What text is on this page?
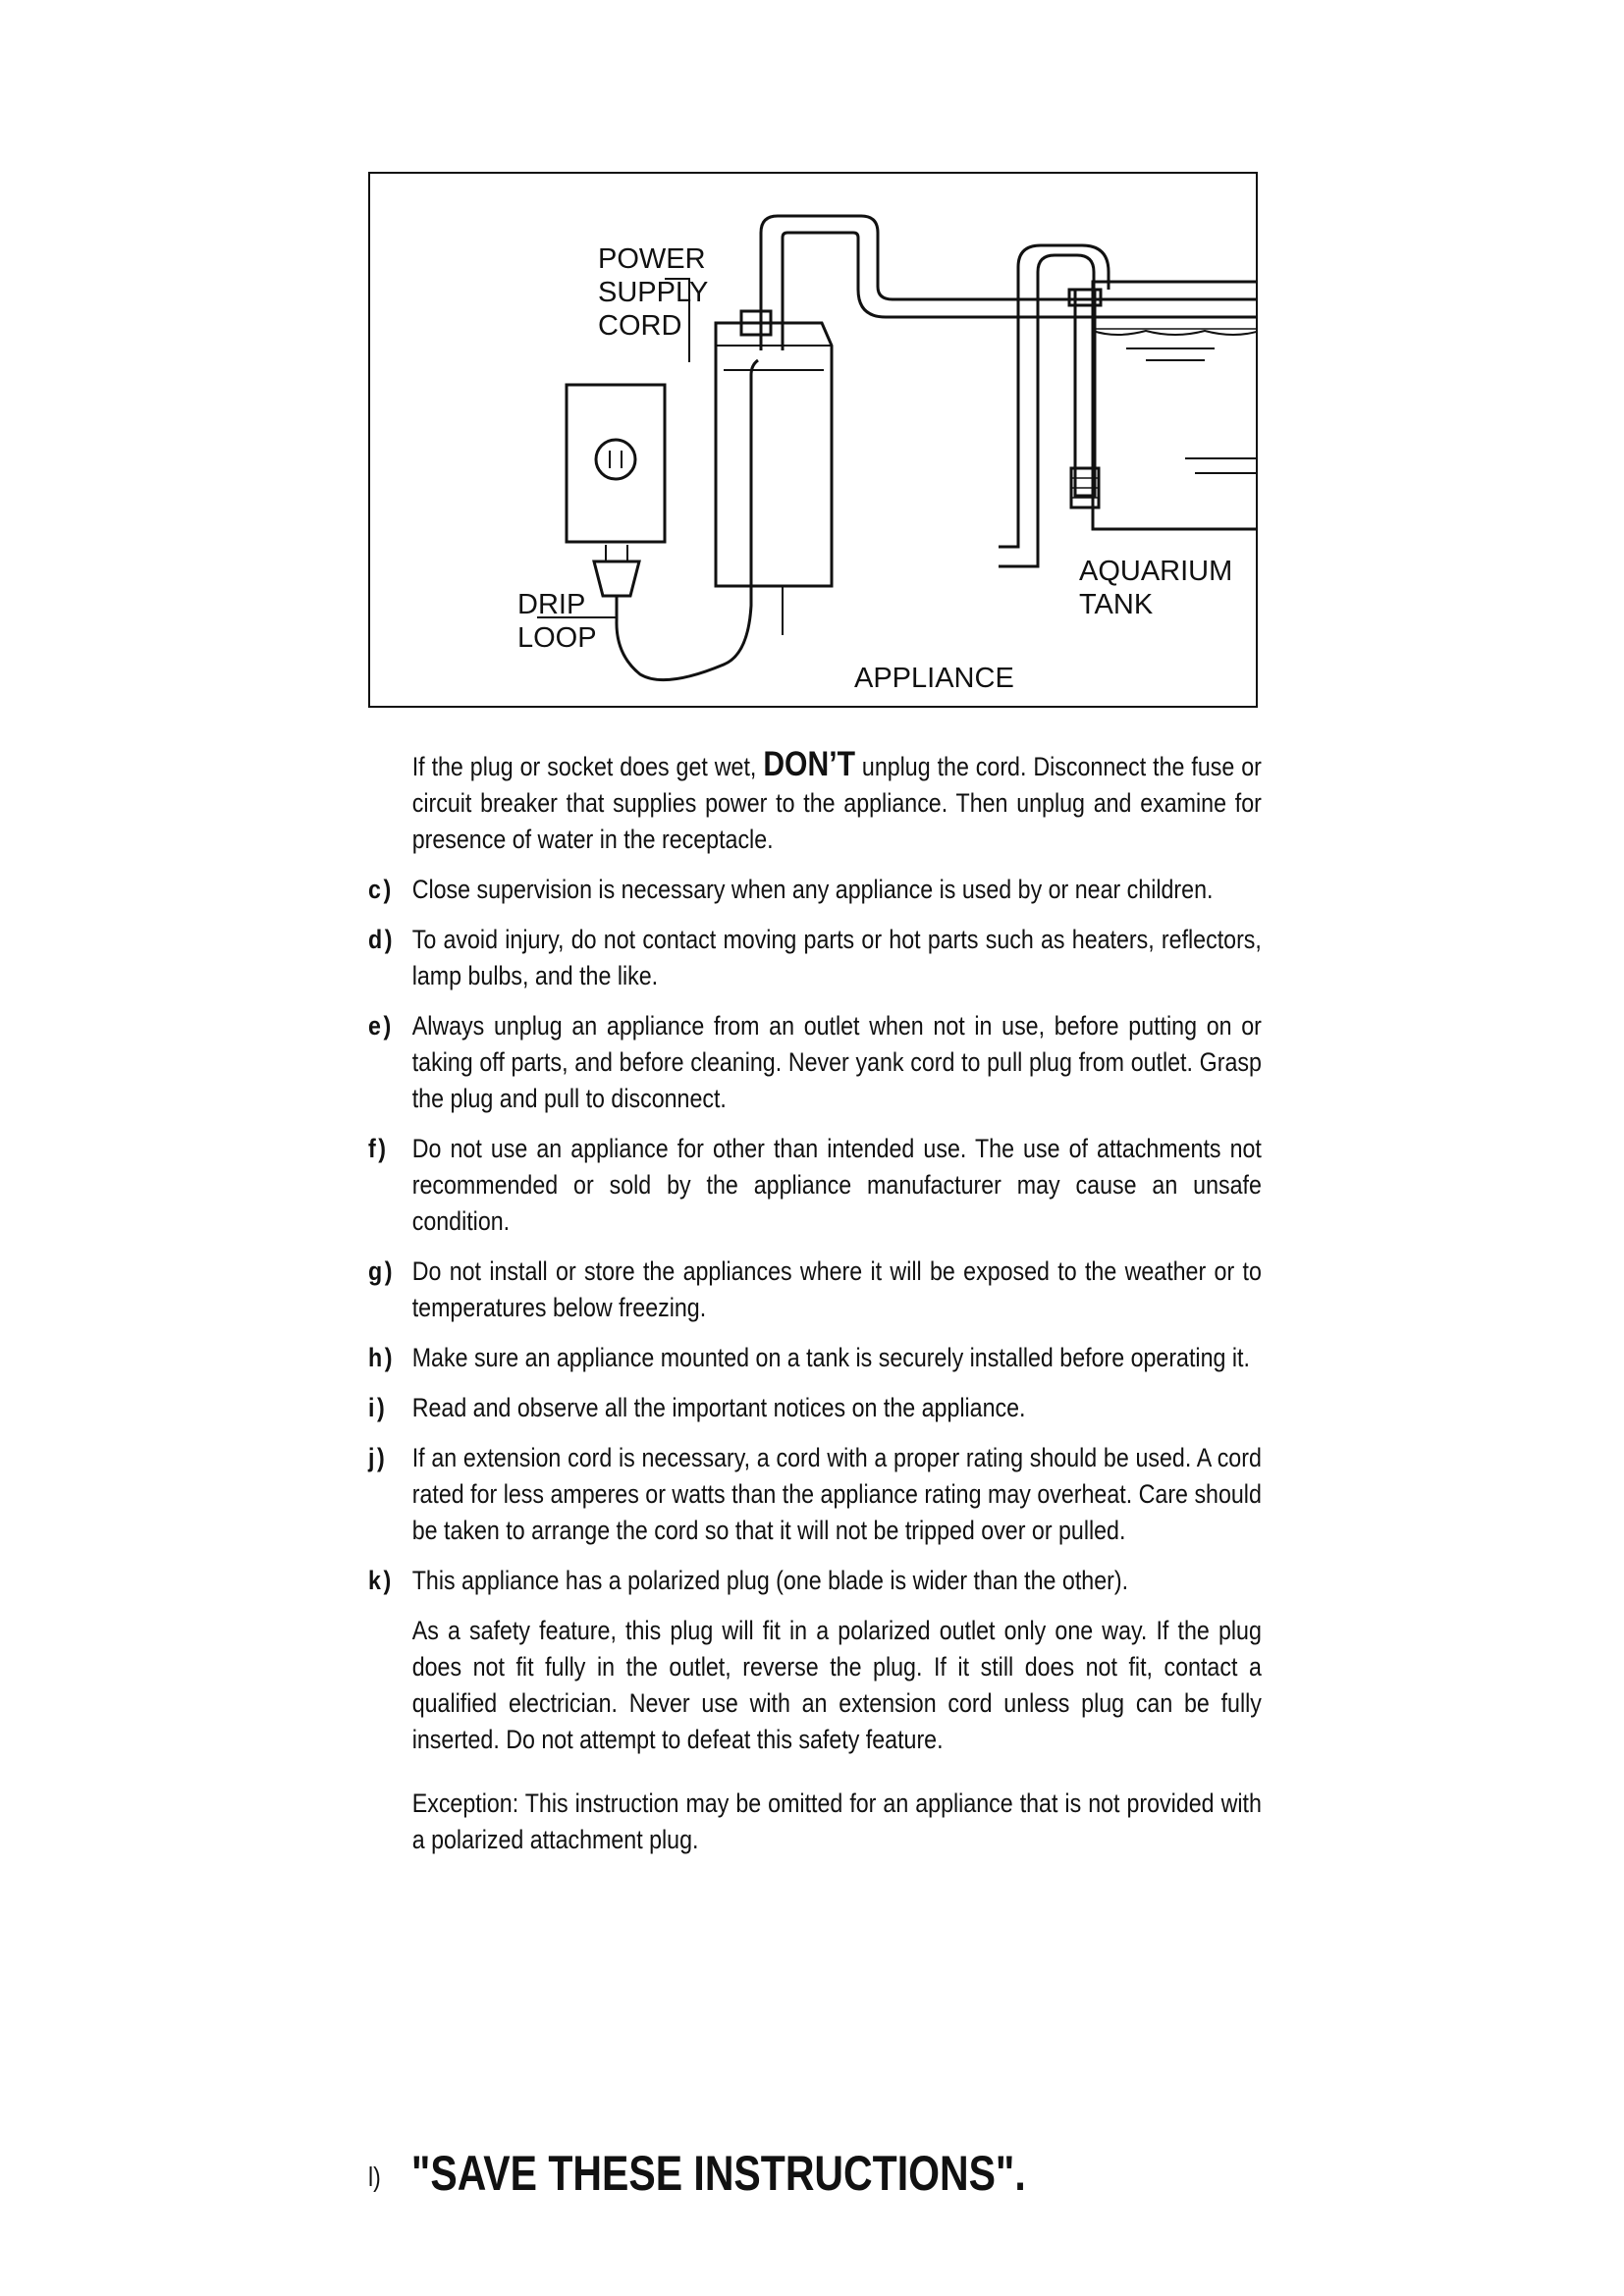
POWER
SUPPLY
CORD
AQUARIUM
TANK
DRIP
LOOP
APPLIANCE

If the plug or socket does get wet, DON’T unplug the cord. Disconnect the fuse or circuit breaker that supplies power to the appliance. Then unplug and examine for presence of water in the receptacle.

c) Close supervision is necessary when any appliance is used by or near children.
d) To avoid injury, do not contact moving parts or hot parts such as heaters, reflectors, lamp bulbs, and the like.
e) Always unplug an appliance from an outlet when not in use, before putting on or taking off parts, and before cleaning. Never yank cord to pull plug from outlet. Grasp the plug and pull to disconnect.
f) Do not use an appliance for other than intended use. The use of attachments not recommended or sold by the appliance manufacturer may cause an unsafe condition.
g) Do not install or store the appliances where it will be exposed to the weather or to temperatures below freezing.
h) Make sure an appliance mounted on a tank is securely installed before operating it.
i) Read and observe all the important notices on the appliance.
j) If an extension cord is necessary, a cord with a proper rating should be used. A cord rated for less amperes or watts than the appliance rating may overheat. Care should be taken to arrange the cord so that it will not be tripped over or pulled.
k) This appliance has a polarized plug (one blade is wider than the other).

As a safety feature, this plug will fit in a polarized outlet only one way. If the plug does not fit fully in the outlet, reverse the plug. If it still does not fit, contact a qualified electrician. Never use with an extension cord unless plug can be fully inserted. Do not attempt to defeat this safety feature.

Exception: This instruction may be omitted for an appliance that is not provided with a polarized attachment plug.

l) "SAVE THESE INSTRUCTIONS".
